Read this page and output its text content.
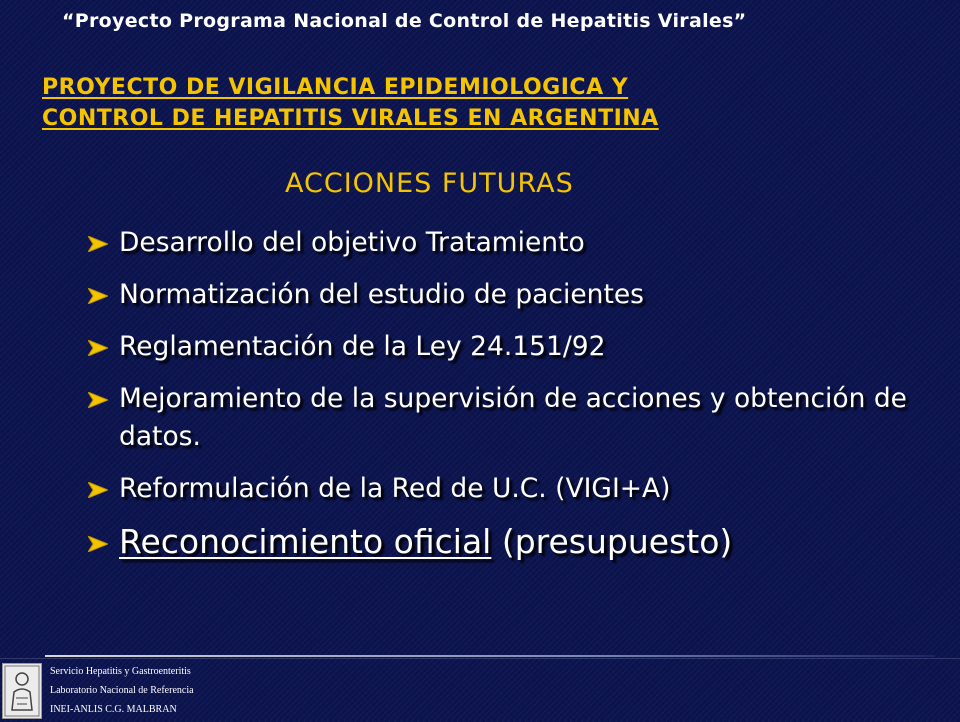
“Proyecto Programa Nacional de Control de Hepatitis Virales”
PROYECTO DE VIGILANCIA EPIDEMIOLOGICA Y
CONTROL DE HEPATITIS VIRALES EN ARGENTINA
ACCIONES FUTURAS
Desarrollo del objetivo Tratamiento
Normatización del estudio de pacientes
Reglamentación de la Ley 24.151/92
Mejoramiento de la supervisión de acciones y obtención de datos.
Reformulación de la Red de U.C. (VIGI+A)
Reconocimiento oficial (presupuesto)
Servicio Hepatitis y Gastroenteritis
Laboratorio Nacional de Referencia
INEI-ANLIS C.G. MALBRAN
